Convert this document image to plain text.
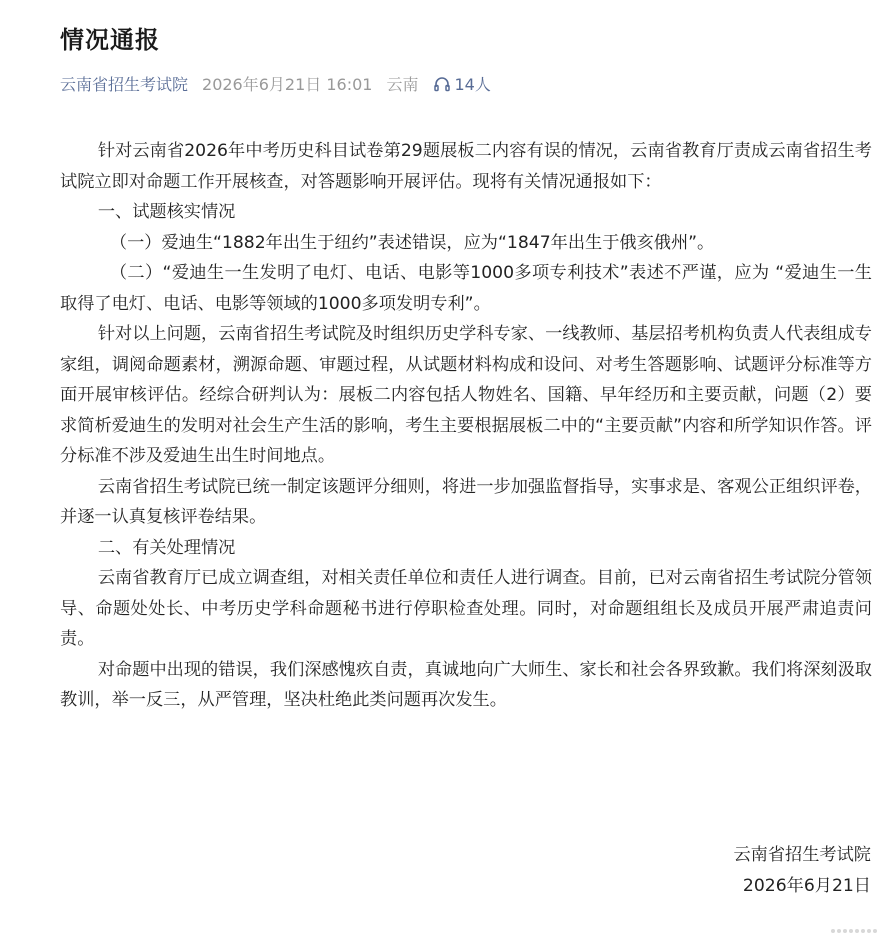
情况通报
云南省招生考试院 2026年6月21日 16:01 云南 14人

针对云南省2026年中考历史科目试卷第29题展板二内容有误的情况，云南省教育厅责成云南省招生考试院立即对命题工作开展核查，对答题影响开展评估。现将有关情况通报如下：

一、试题核实情况

（一）爱迪生“1882年出生于纽约”表述错误，应为“1847年出生于俄亥俄州”。

（二）“爱迪生一生发明了电灯、电话、电影等1000多项专利技术”表述不严谨，应为 “爱迪生一生取得了电灯、电话、电影等领域的1000多项发明专利”。

针对以上问题，云南省招生考试院及时组织历史学科专家、一线教师、基层招考机构负责人代表组成专家组，调阅命题素材，溯源命题、审题过程，从试题材料构成和设问、对考生答题影响、试题评分标准等方面开展审核评估。经综合研判认为：展板二内容包括人物姓名、国籍、早年经历和主要贡献，问题（2）要求简析爱迪生的发明对社会生产生活的影响，考生主要根据展板二中的“主要贡献”内容和所学知识作答。评分标准不涉及爱迪生出生时间地点。

云南省招生考试院已统一制定该题评分细则，将进一步加强监督指导，实事求是、客观公正组织评卷，并逐一认真复核评卷结果。

二、有关处理情况

云南省教育厅已成立调查组，对相关责任单位和责任人进行调查。目前，已对云南省招生考试院分管领导、命题处处长、中考历史学科命题秘书进行停职检查处理。同时，对命题组组长及成员开展严肃追责问责。

对命题中出现的错误，我们深感愧疚自责，真诚地向广大师生、家长和社会各界致歉。我们将深刻汲取教训，举一反三，从严管理，坚决杜绝此类问题再次发生。

云南省招生考试院
2026年6月21日
